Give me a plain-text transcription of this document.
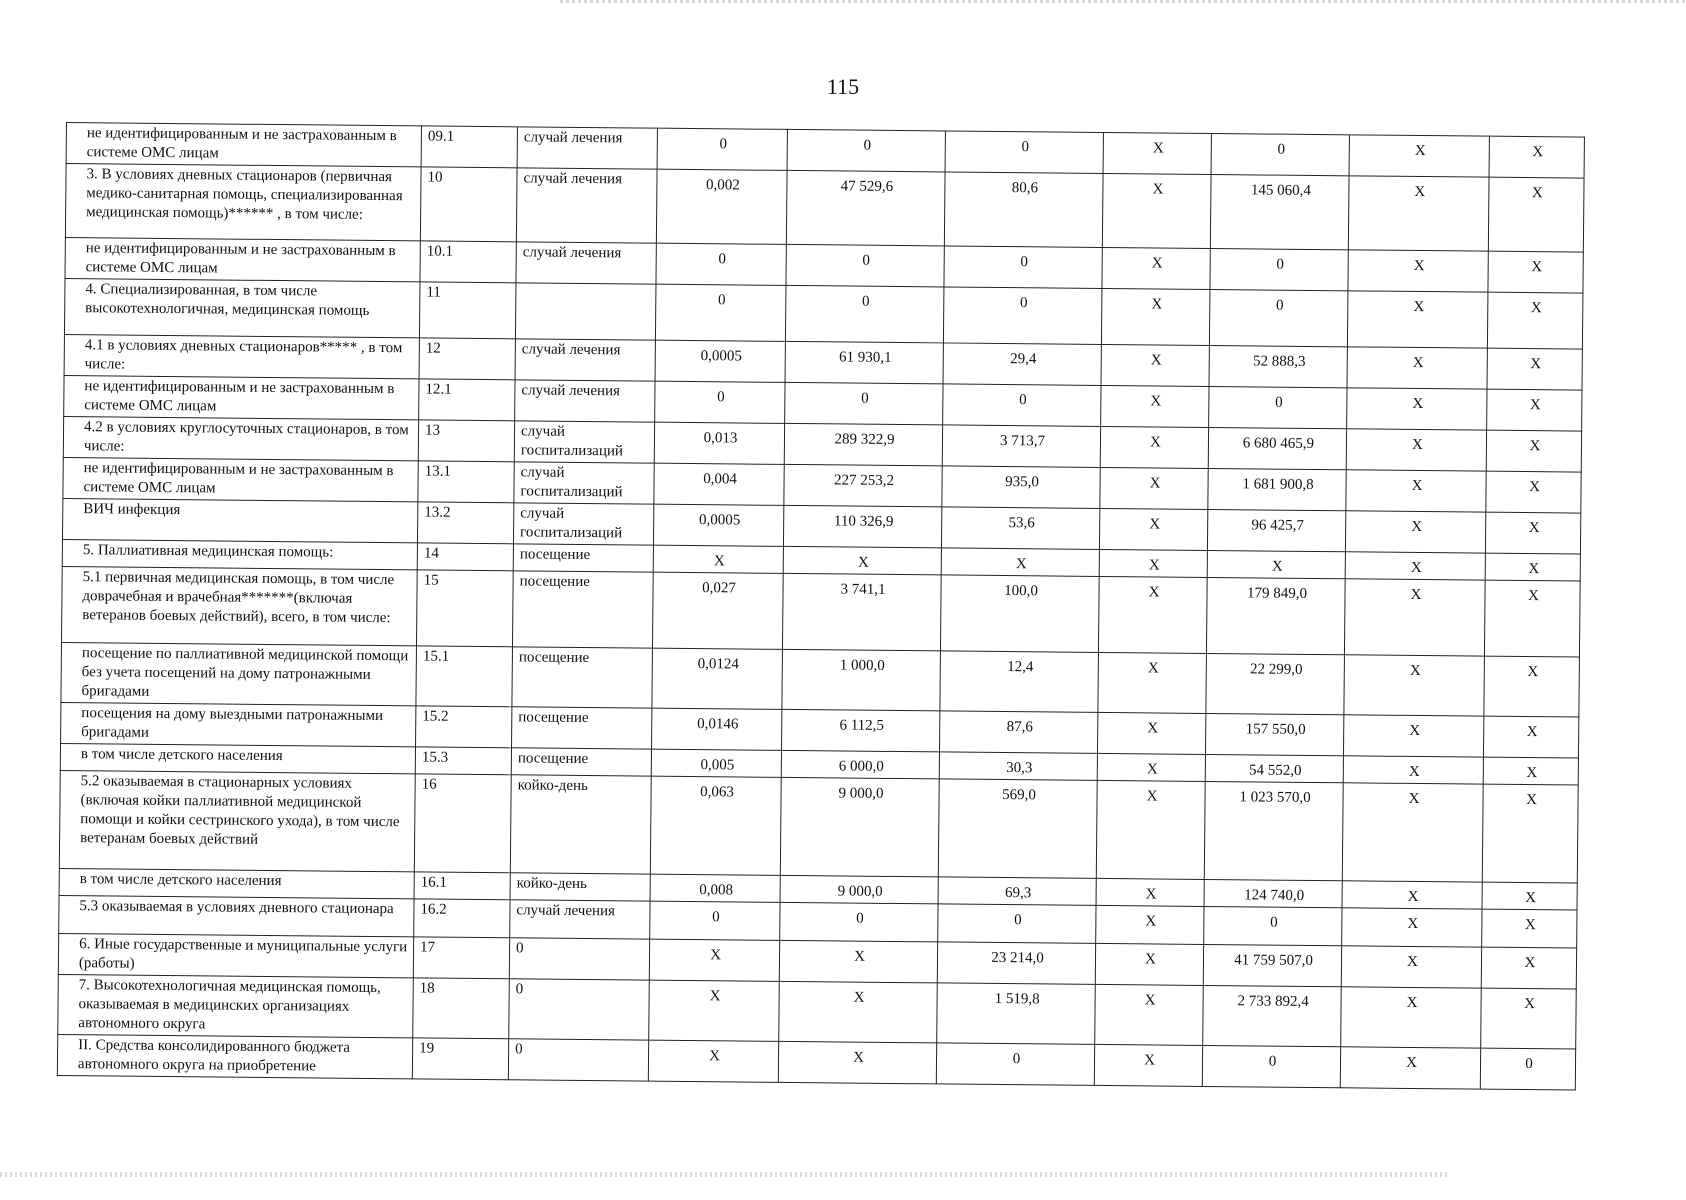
115
не идентифицированным и не застрахованным в системе ОМС лицам	09.1	случай лечения	0	0	0	X	0	X	X
3. В условиях дневных стационаров (первичная медико-санитарная помощь, специализированная медицинская помощь)****** , в том числе:	10	случай лечения	0,002	47 529,6	80,6	X	145 060,4	X	X
не идентифицированным и не застрахованным в системе ОМС лицам	10.1	случай лечения	0	0	0	X	0	X	X
4. Специализированная, в том числе высокотехнологичная, медицинская помощь	11		0	0	0	X	0	X	X
4.1 в условиях дневных стационаров***** , в том числе:	12	случай лечения	0,0005	61 930,1	29,4	X	52 888,3	X	X
не идентифицированным и не застрахованным в системе ОМС лицам	12.1	случай лечения	0	0	0	X	0	X	X
4.2 в условиях круглосуточных стационаров, в том числе:	13	случай госпитализаций	0,013	289 322,9	3 713,7	X	6 680 465,9	X	X
не идентифицированным и не застрахованным в системе ОМС лицам	13.1	случай госпитализаций	0,004	227 253,2	935,0	X	1 681 900,8	X	X
ВИЧ инфекция	13.2	случай госпитализаций	0,0005	110 326,9	53,6	X	96 425,7	X	X
5. Паллиативная медицинская помощь:	14	посещение	X	X	X	X	X	X	X
5.1 первичная медицинская помощь, в том числе доврачебная и врачебная*******(включая ветеранов боевых действий), всего, в том числе:	15	посещение	0,027	3 741,1	100,0	X	179 849,0	X	X
посещение по паллиативной медицинской помощи без учета посещений на дому патронажными бригадами	15.1	посещение	0,0124	1 000,0	12,4	X	22 299,0	X	X
посещения на дому выездными патронажными бригадами	15.2	посещение	0,0146	6 112,5	87,6	X	157 550,0	X	X
в том числе детского населения	15.3	посещение	0,005	6 000,0	30,3	X	54 552,0	X	X
5.2 оказываемая в стационарных условиях (включая койки паллиативной медицинской помощи и койки сестринского ухода), в том числе ветеранам боевых действий	16	койко-день	0,063	9 000,0	569,0	X	1 023 570,0	X	X
в том числе детского населения	16.1	койко-день	0,008	9 000,0	69,3	X	124 740,0	X	X
5.3 оказываемая в условиях дневного стационара	16.2	случай лечения	0	0	0	X	0	X	X
6. Иные государственные и муниципальные услуги (работы)	17	0	X	X	23 214,0	X	41 759 507,0	X	X
7. Высокотехнологичная медицинская помощь, оказываемая в медицинских организациях автономного округа	18	0	X	X	1 519,8	X	2 733 892,4	X	X
II. Средства консолидированного бюджета автономного округа на приобретение	19	0	X	X	0	X	0	X	0
